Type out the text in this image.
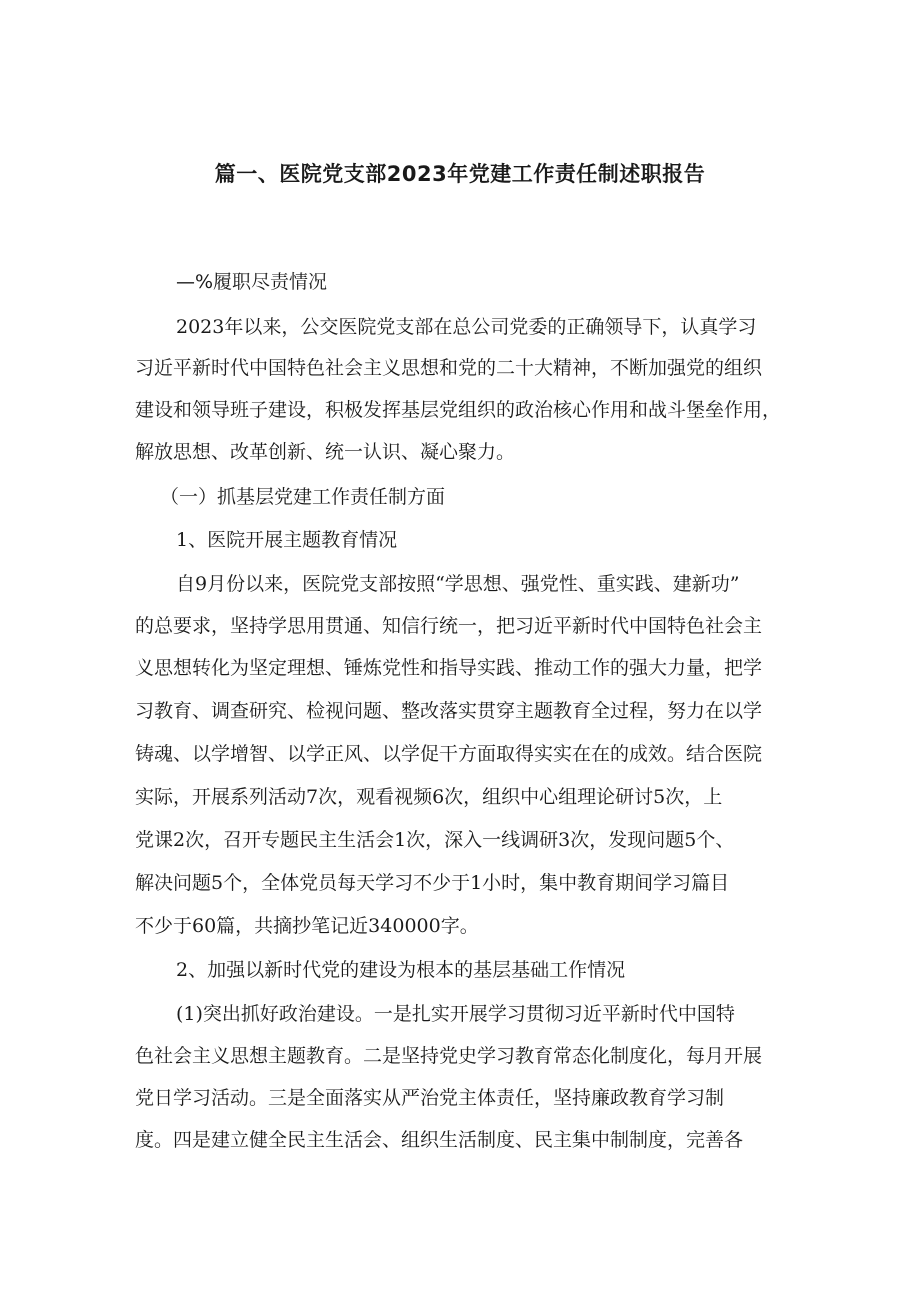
篇一、医院党支部2023年党建工作责任制述职报告

—%履职尽责情况

2023年以来，公交医院党支部在总公司党委的正确领导下，认真学习

习近平新时代中国特色社会主义思想和党的二十大精神，不断加强党的组织

建设和领导班子建设，积极发挥基层党组织的政治核心作用和战斗堡垒作用，

解放思想、改革创新、统一认识、凝心聚力。

（一）抓基层党建工作责任制方面

1、医院开展主题教育情况

自9月份以来，医院党支部按照“学思想、强党性、重实践、建新功”

的总要求，坚持学思用贯通、知信行统一，把习近平新时代中国特色社会主

义思想转化为坚定理想、锤炼党性和指导实践、推动工作的强大力量，把学

习教育、调查研究、检视问题、整改落实贯穿主题教育全过程，努力在以学

铸魂、以学增智、以学正风、以学促干方面取得实实在在的成效。结合医院

实际，开展系列活动7次，观看视频6次，组织中心组理论研讨5次，上

党课2次，召开专题民主生活会1次，深入一线调研3次，发现问题5个、

解决问题5个，全体党员每天学习不少于1小时，集中教育期间学习篇目

不少于60篇，共摘抄笔记近340000字。

2、加强以新时代党的建设为根本的基层基础工作情况

(1)突出抓好政治建设。一是扎实开展学习贯彻习近平新时代中国特

色社会主义思想主题教育。二是坚持党史学习教育常态化制度化，每月开展

党日学习活动。三是全面落实从严治党主体责任，坚持廉政教育学习制

度。四是建立健全民主生活会、组织生活制度、民主集中制制度，完善各
